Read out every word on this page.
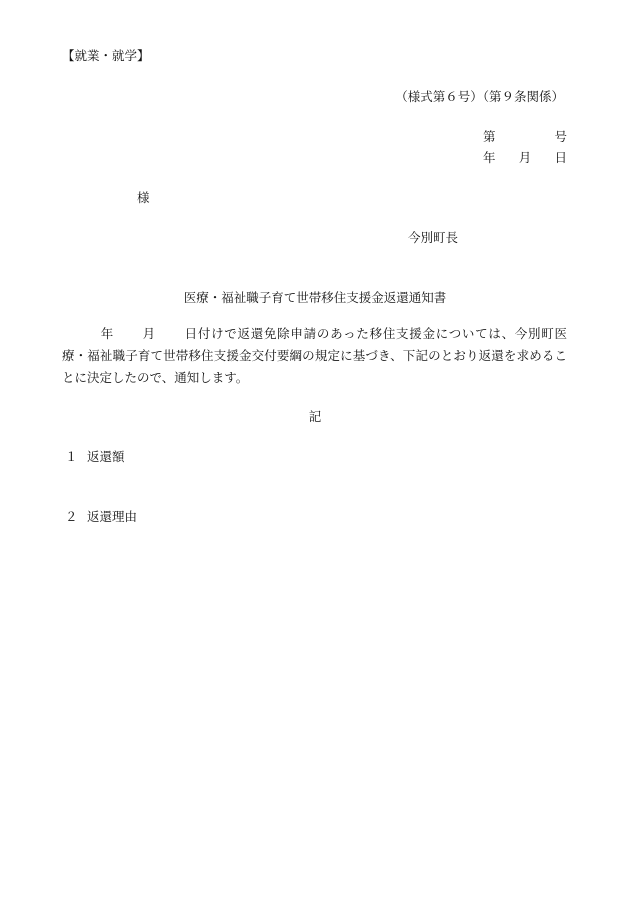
【就業・就学】
（様式第６号）（第９条関係）
第	号
年 月 日
様
今別町長
医療・福祉職子育て世帯移住支援金返還通知書
年 月 日付けで返還免除申請のあった移住支援金については、今別町医療・福祉職子育て世帯移住支援金交付要綱の規定に基づき、下記のとおり返還を求めることに決定したので、通知します。
記
１ 返還額
２ 返還理由
